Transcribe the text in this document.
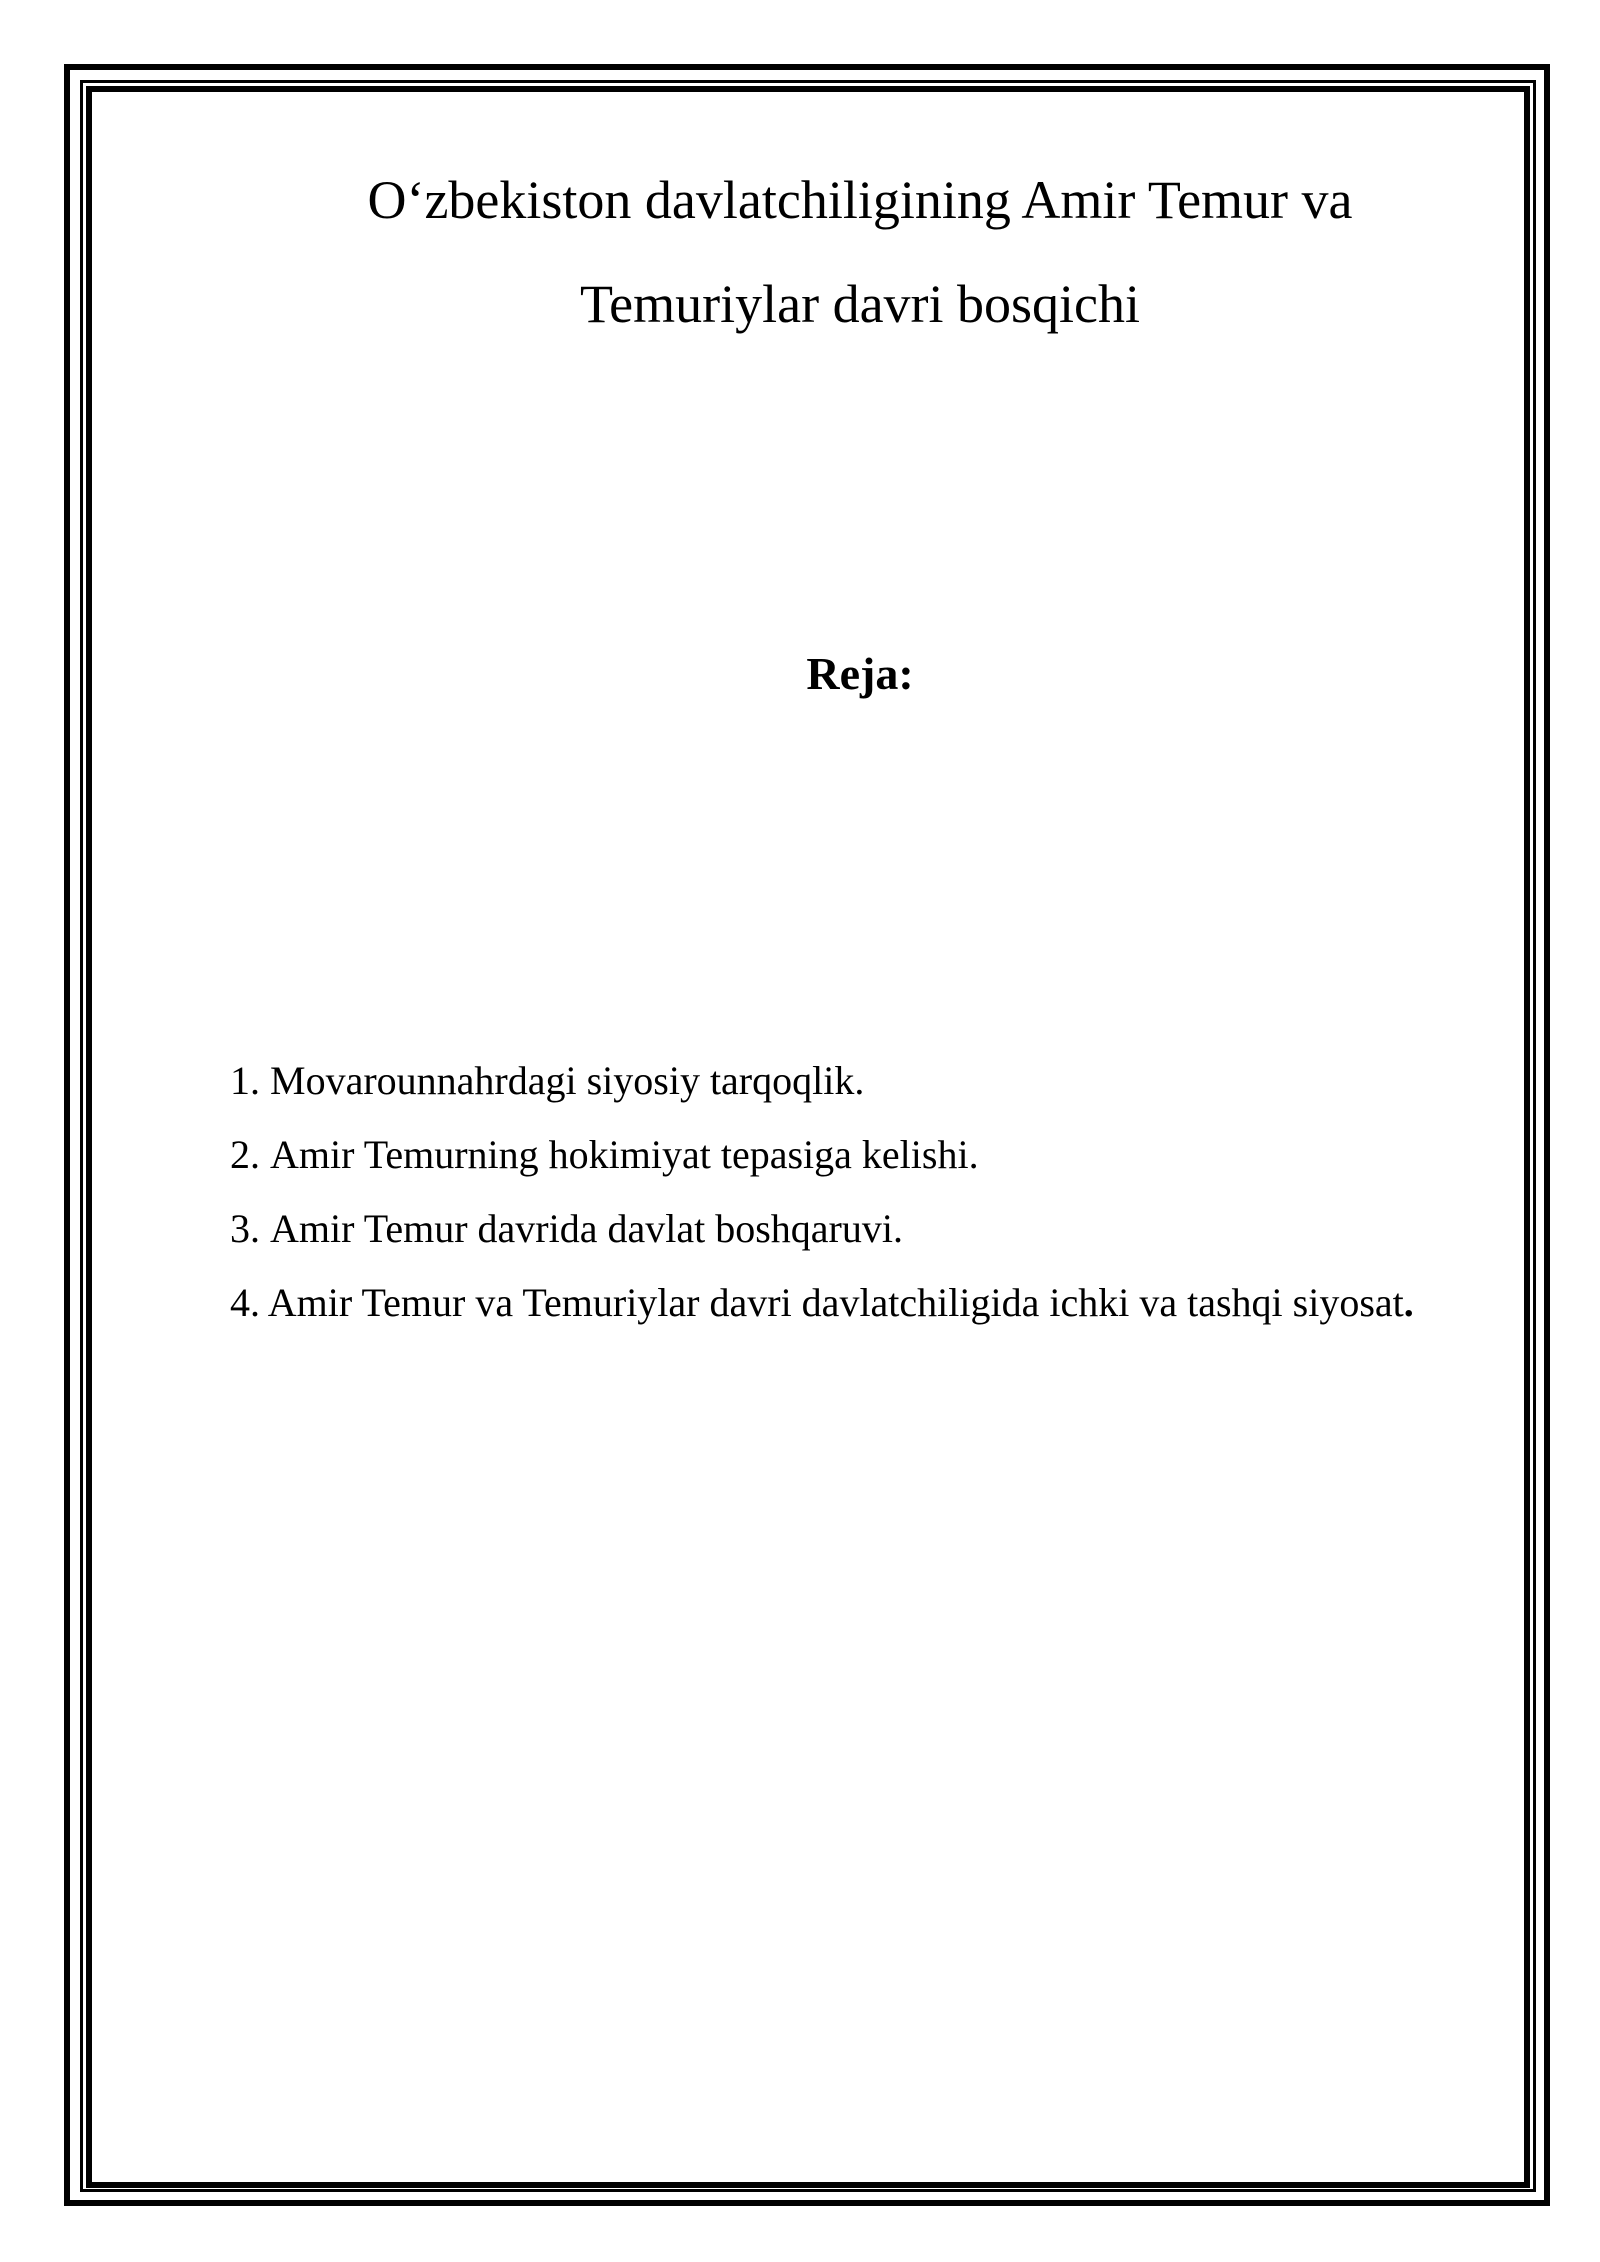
O‘zbekiston davlatchiligining Amir Temur va
Temuriylar davri bosqichi
Reja:
1. Movarounnahrdagi siyosiy tarqoqlik.
2. Amir Temurning hokimiyat tepasiga kelishi.
3. Amir Temur davrida davlat boshqaruvi.
4. Amir Temur va Temuriylar davri davlatchiligida ichki va tashqi siyosat.
